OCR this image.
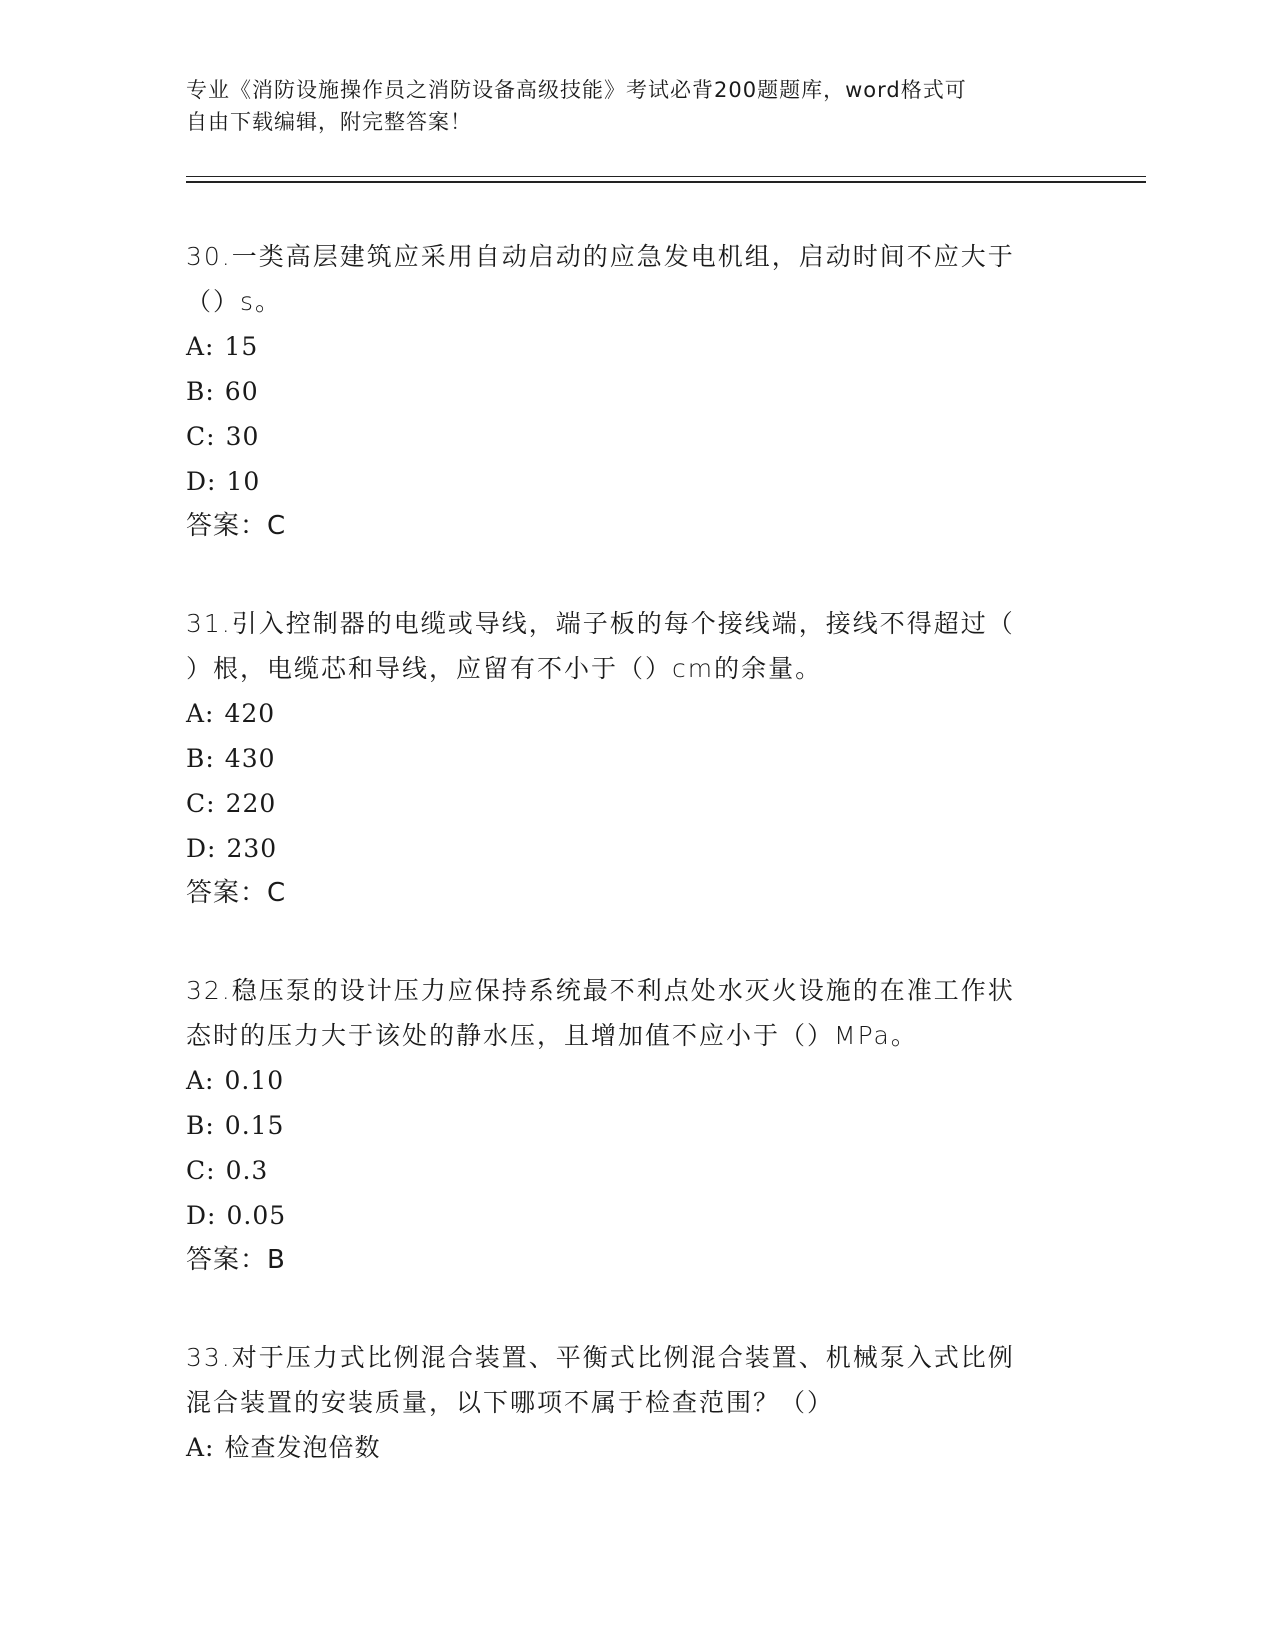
专业《消防设施操作员之消防设备高级技能》考试必背200题题库，word格式可
自由下载编辑，附完整答案！
30.一类高层建筑应采用自动启动的应急发电机组，启动时间不应大于
（）s。
A: 15
B: 60
C: 30
D: 10
答案：C
31.引入控制器的电缆或导线，端子板的每个接线端，接线不得超过（
）根，电缆芯和导线，应留有不小于（）cm的余量。
A: 420
B: 430
C: 220
D: 230
答案：C
32.稳压泵的设计压力应保持系统最不利点处水灭火设施的在准工作状
态时的压力大于该处的静水压，且增加值不应小于（）MPa。
A: 0.10
B: 0.15
C: 0.3
D: 0.05
答案：B
33.对于压力式比例混合装置、平衡式比例混合装置、机械泵入式比例
混合装置的安装质量，以下哪项不属于检查范围？（）
A: 检查发泡倍数
